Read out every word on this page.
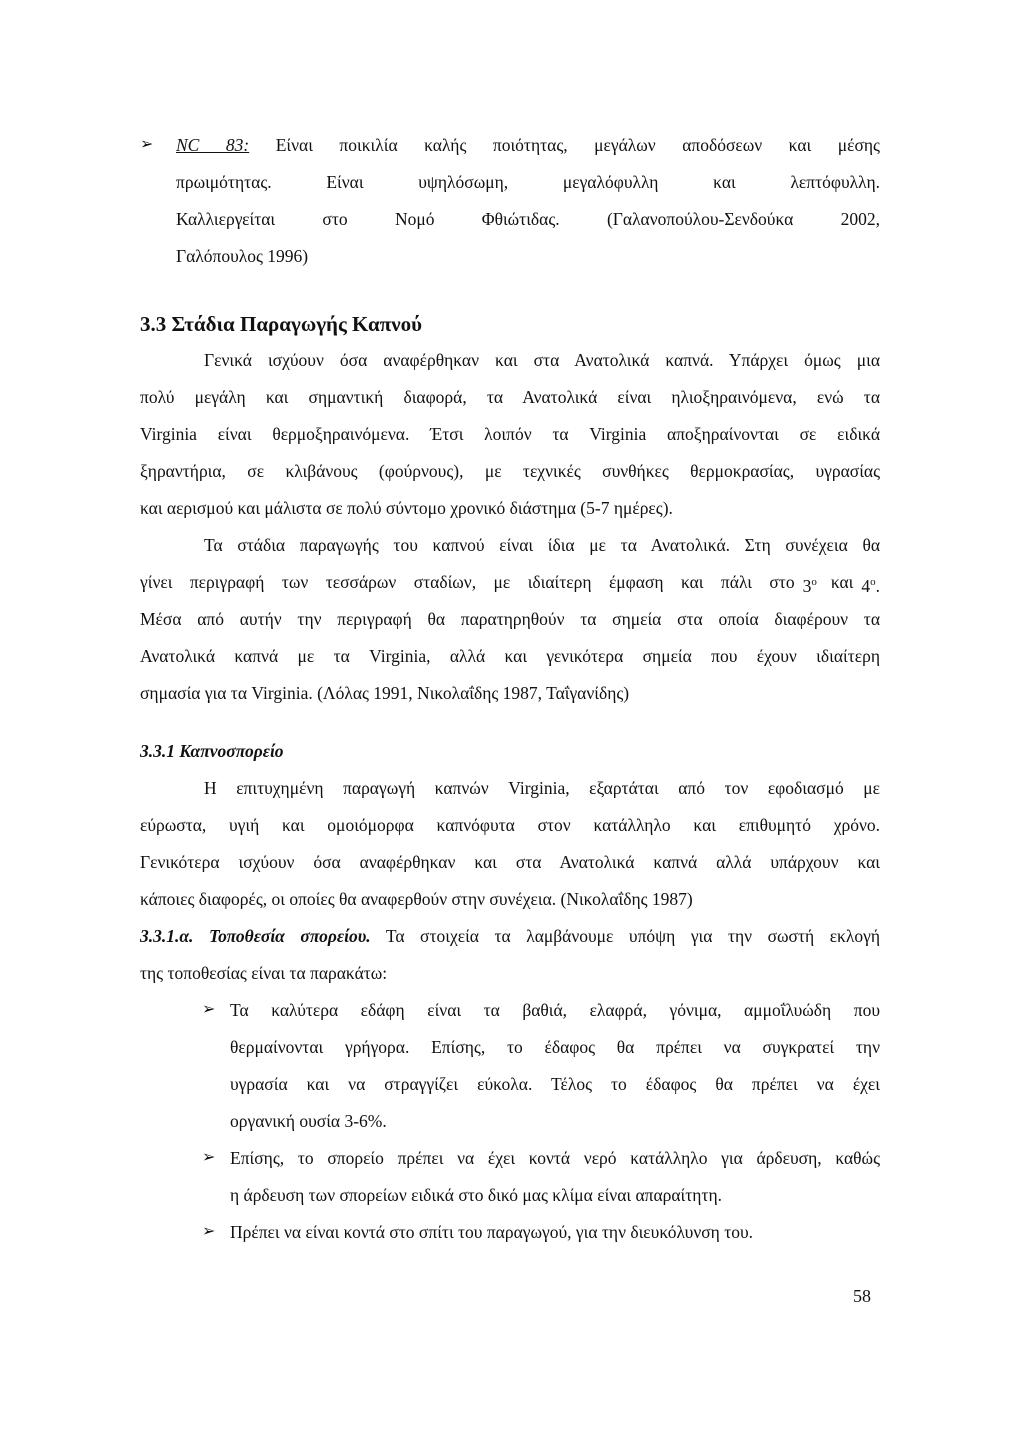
➢ NC 83: Είναι ποικιλία καλής ποιότητας, μεγάλων αποδόσεων και μέσης
πρωιμότητας. Είναι υψηλόσωμη, μεγαλόφυλλη και λεπτόφυλλη.
Καλλιεργείται στο Νομό Φθιώτιδας. (Γαλανοπούλου-Σενδούκα 2002,
Γαλόπουλος 1996)
3.3 Στάδια Παραγωγής Καπνού
Γενικά ισχύουν όσα αναφέρθηκαν και στα Ανατολικά καπνά. Υπάρχει όμως μια
πολύ μεγάλη και σημαντική διαφορά, τα Ανατολικά είναι ηλιοξηραινόμενα, ενώ τα
Virginia είναι θερμοξηραινόμενα. Έτσι λοιπόν τα Virginia αποξηραίνονται σε ειδικά
ξηραντήρια, σε κλιβάνους (φούρνους), με τεχνικές συνθήκες θερμοκρασίας, υγρασίας
και αερισμού και μάλιστα σε πολύ σύντομο χρονικό διάστημα (5-7 ημέρες).
Τα στάδια παραγωγής του καπνού είναι ίδια με τα Ανατολικά. Στη συνέχεια θα
γίνει περιγραφή των τεσσάρων σταδίων, με ιδιαίτερη έμφαση και πάλι στο $3^o$ και $4^o$.
Μέσα από αυτήν την περιγραφή θα παρατηρηθούν τα σημεία στα οποία διαφέρουν τα
Ανατολικά καπνά με τα Virginia, αλλά και γενικότερα σημεία που έχουν ιδιαίτερη
σημασία για τα Virginia. (Λόλας 1991, Νικολαΐδης 1987, Ταΐγανίδης)
3.3.1 Καπνοσπορείο
Η επιτυχημένη παραγωγή καπνών Virginia, εξαρτάται από τον εφοδιασμό με
εύρωστα, υγιή και ομοιόμορφα καπνόφυτα στον κατάλληλο και επιθυμητό χρόνο.
Γενικότερα ισχύουν όσα αναφέρθηκαν και στα Ανατολικά καπνά αλλά υπάρχουν και
κάποιες διαφορές, οι οποίες θα αναφερθούν στην συνέχεια. (Νικολαΐδης 1987)
3.3.1.α. Τοποθεσία σπορείου. Τα στοιχεία τα λαμβάνουμε υπόψη για την σωστή εκλογή
της τοποθεσίας είναι τα παρακάτω:
➢ Τα καλύτερα εδάφη είναι τα βαθιά, ελαφρά, γόνιμα, αμμοΐλυώδη που
θερμαίνονται γρήγορα. Επίσης, το έδαφος θα πρέπει να συγκρατεί την
υγρασία και να στραγγίζει εύκολα. Τέλος το έδαφος θα πρέπει να έχει
οργανική ουσία 3-6%.
➢ Επίσης, το σπορείο πρέπει να έχει κοντά νερό κατάλληλο για άρδευση, καθώς
η άρδευση των σπορείων ειδικά στο δικό μας κλίμα είναι απαραίτητη.
➢ Πρέπει να είναι κοντά στο σπίτι του παραγωγού, για την διευκόλυνση του.
58
